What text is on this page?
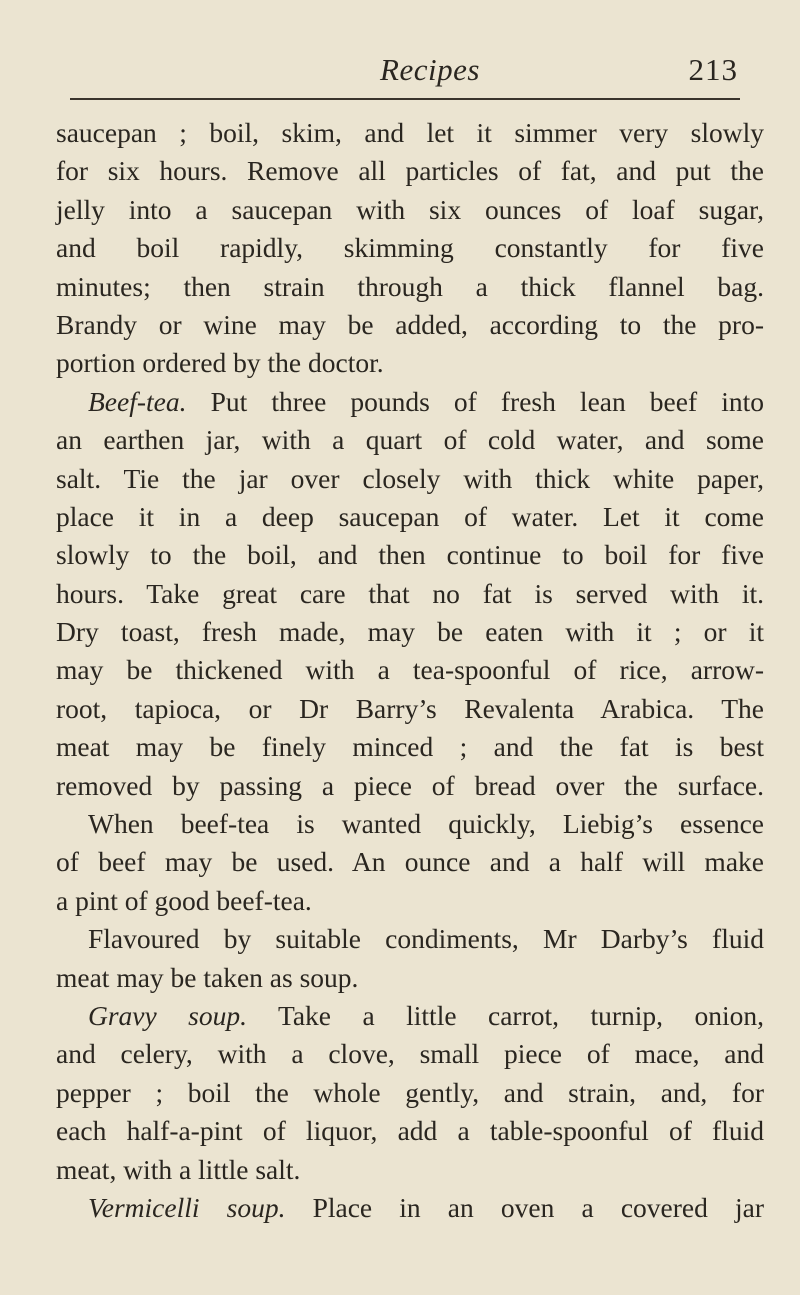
Recipes	213
saucepan ; boil, skim, and let it simmer very slowly
for six hours. Remove all particles of fat, and put the
jelly into a saucepan with six ounces of loaf sugar,
and boil rapidly, skimming constantly for five
minutes; then strain through a thick flannel bag.
Brandy or wine may be added, according to the pro-
portion ordered by the doctor.
Beef-tea. Put three pounds of fresh lean beef into
an earthen jar, with a quart of cold water, and some
salt. Tie the jar over closely with thick white paper,
place it in a deep saucepan of water. Let it come
slowly to the boil, and then continue to boil for five
hours. Take great care that no fat is served with it.
Dry toast, fresh made, may be eaten with it ; or it
may be thickened with a tea-spoonful of rice, arrow-
root, tapioca, or Dr Barry’s Revalenta Arabica. The
meat may be finely minced ; and the fat is best
removed by passing a piece of bread over the surface.
When beef-tea is wanted quickly, Liebig’s essence
of beef may be used. An ounce and a half will make
a pint of good beef-tea.
Flavoured by suitable condiments, Mr Darby’s fluid
meat may be taken as soup.
Gravy soup. Take a little carrot, turnip, onion,
and celery, with a clove, small piece of mace, and
pepper ; boil the whole gently, and strain, and, for
each half-a-pint of liquor, add a table-spoonful of fluid
meat, with a little salt.
Vermicelli soup. Place in an oven a covered jar
